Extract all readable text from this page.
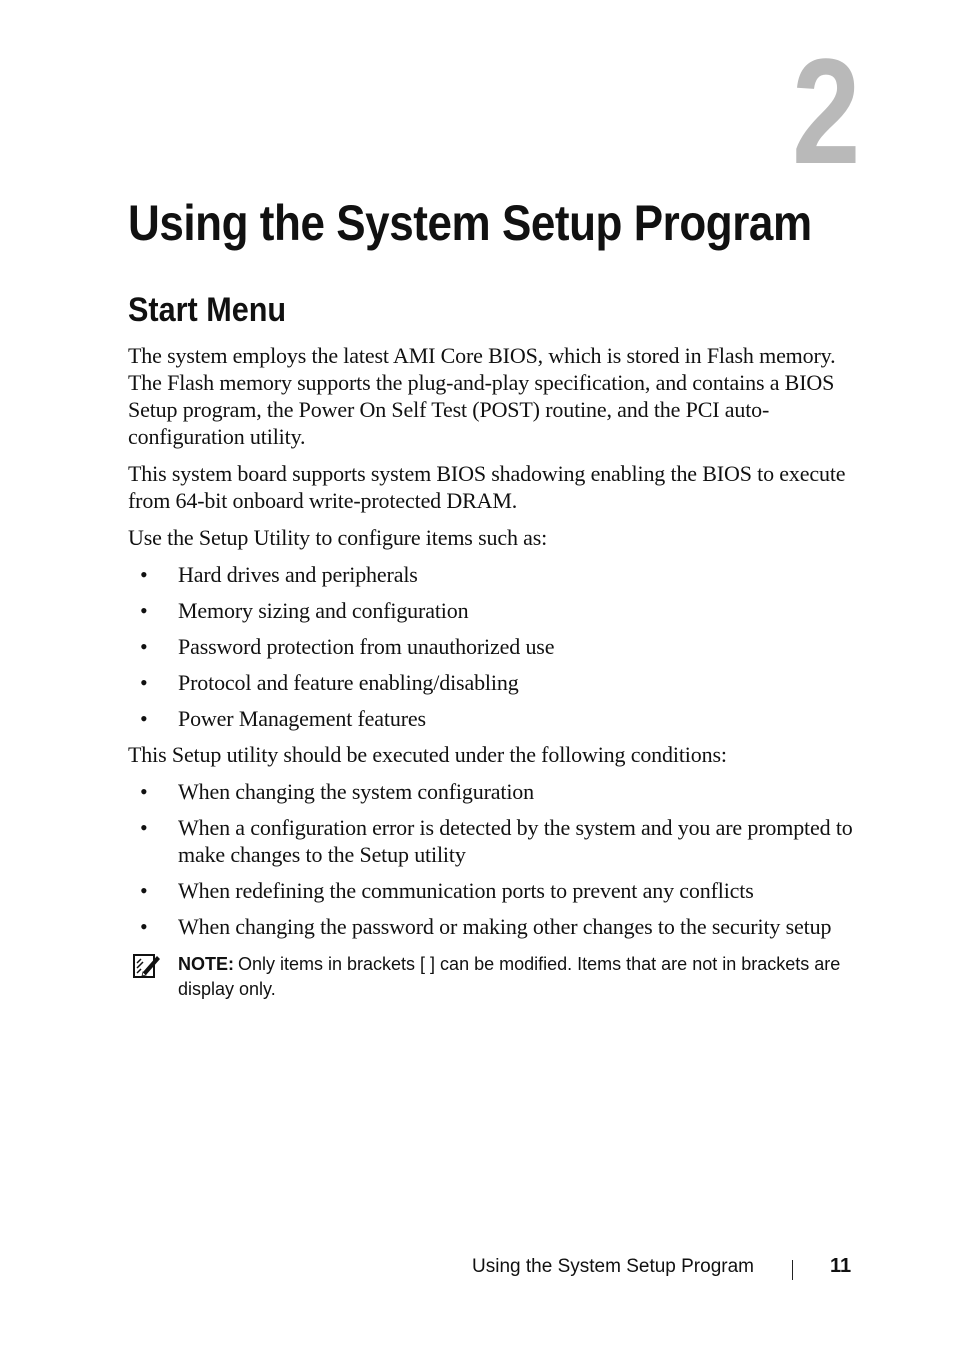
2
Using the System Setup Program
Start Menu

The system employs the latest AMI Core BIOS, which is stored in Flash memory. The Flash memory supports the plug-and-play specification, and contains a BIOS Setup program, the Power On Self Test (POST) routine, and the PCI auto-configuration utility.

This system board supports system BIOS shadowing enabling the BIOS to execute from 64-bit onboard write-protected DRAM.

Use the Setup Utility to configure items such as:

• Hard drives and peripherals
• Memory sizing and configuration
• Password protection from unauthorized use
• Protocol and feature enabling/disabling
• Power Management features

This Setup utility should be executed under the following conditions:

• When changing the system configuration
• When a configuration error is detected by the system and you are prompted to make changes to the Setup utility
• When redefining the communication ports to prevent any conflicts
• When changing the password or making other changes to the security setup
NOTE: Only items in brackets [ ] can be modified. Items that are not in brackets are display only.
Using the System Setup Program	11
